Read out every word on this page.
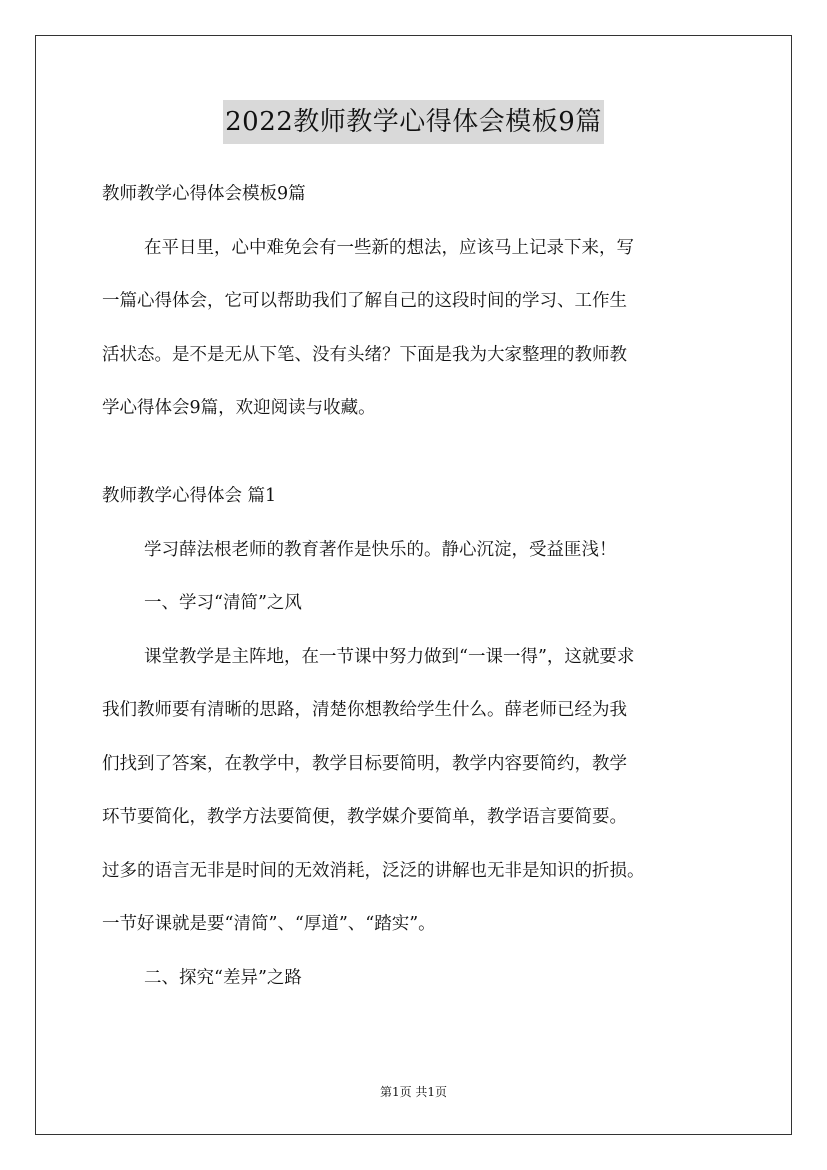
2022教师教学心得体会模板9篇
教师教学心得体会模板9篇
在平日里，心中难免会有一些新的想法，应该马上记录下来，写
一篇心得体会，它可以帮助我们了解自己的这段时间的学习、工作生
活状态。是不是无从下笔、没有头绪？下面是我为大家整理的教师教
学心得体会9篇，欢迎阅读与收藏。
教师教学心得体会 篇1
学习薛法根老师的教育著作是快乐的。静心沉淀，受益匪浅！
一、学习“清简”之风
课堂教学是主阵地，在一节课中努力做到“一课一得”，这就要求
我们教师要有清晰的思路，清楚你想教给学生什么。薛老师已经为我
们找到了答案，在教学中，教学目标要简明，教学内容要简约，教学
环节要简化，教学方法要简便，教学媒介要简单，教学语言要简要。
过多的语言无非是时间的无效消耗，泛泛的讲解也无非是知识的折损。
一节好课就是要“清简”、“厚道”、“踏实”。
二、探究“差异”之路
第1页 共1页
